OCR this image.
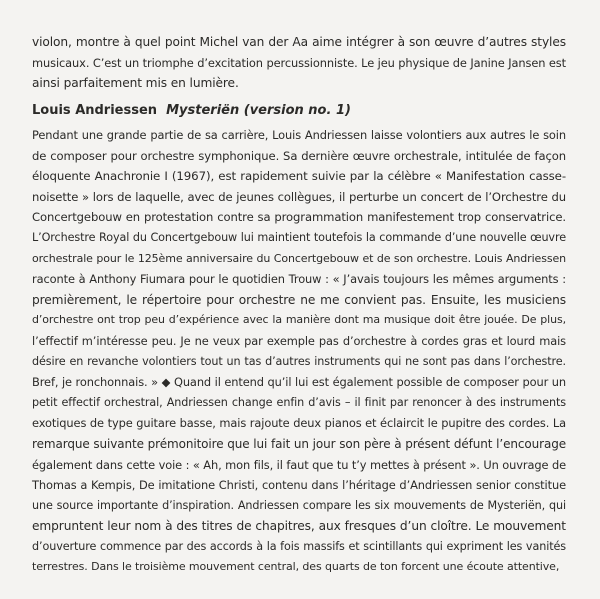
violon, montre à quel point Michel van der Aa aime intégrer à son œuvre d’autres styles
musicaux. C’est un triomphe d’excitation percussionniste. Le jeu physique de Janine Jansen est
ainsi parfaitement mis en lumière.
Louis Andriessen Mysteriën (version no. 1)
Pendant une grande partie de sa carrière, Louis Andriessen laisse volontiers aux autres le soin
de composer pour orchestre symphonique. Sa dernière œuvre orchestrale, intitulée de façon
éloquente Anachronie I (1967), est rapidement suivie par la célèbre « Manifestation casse-
noisette » lors de laquelle, avec de jeunes collègues, il perturbe un concert de l’Orchestre du
Concertgebouw en protestation contre sa programmation manifestement trop conservatrice.
L’Orchestre Royal du Concertgebouw lui maintient toutefois la commande d’une nouvelle œuvre
orchestrale pour le 125ème anniversaire du Concertgebouw et de son orchestre. Louis Andriessen
raconte à Anthony Fiumara pour le quotidien Trouw : « J’avais toujours les mêmes arguments :
premièrement, le répertoire pour orchestre ne me convient pas. Ensuite, les musiciens
d’orchestre ont trop peu d’expérience avec la manière dont ma musique doit être jouée. De plus,
l’effectif m’intéresse peu. Je ne veux par exemple pas d’orchestre à cordes gras et lourd mais
désire en revanche volontiers tout un tas d’autres instruments qui ne sont pas dans l’orchestre.
Bref, je ronchonnais. » ◆ Quand il entend qu’il lui est également possible de composer pour un
petit effectif orchestral, Andriessen change enfin d’avis – il finit par renoncer à des instruments
exotiques de type guitare basse, mais rajoute deux pianos et éclaircit le pupitre des cordes. La
remarque suivante prémonitoire que lui fait un jour son père à présent défunt l’encourage
également dans cette voie : « Ah, mon fils, il faut que tu t’y mettes à présent ». Un ouvrage de
Thomas a Kempis, De imitatione Christi, contenu dans l’héritage d’Andriessen senior constitue
une source importante d’inspiration. Andriessen compare les six mouvements de Mysteriën, qui
empruntent leur nom à des titres de chapitres, aux fresques d’un cloître. Le mouvement
d’ouverture commence par des accords à la fois massifs et scintillants qui expriment les vanités
terrestres. Dans le troisième mouvement central, des quarts de ton forcent une écoute attentive,
